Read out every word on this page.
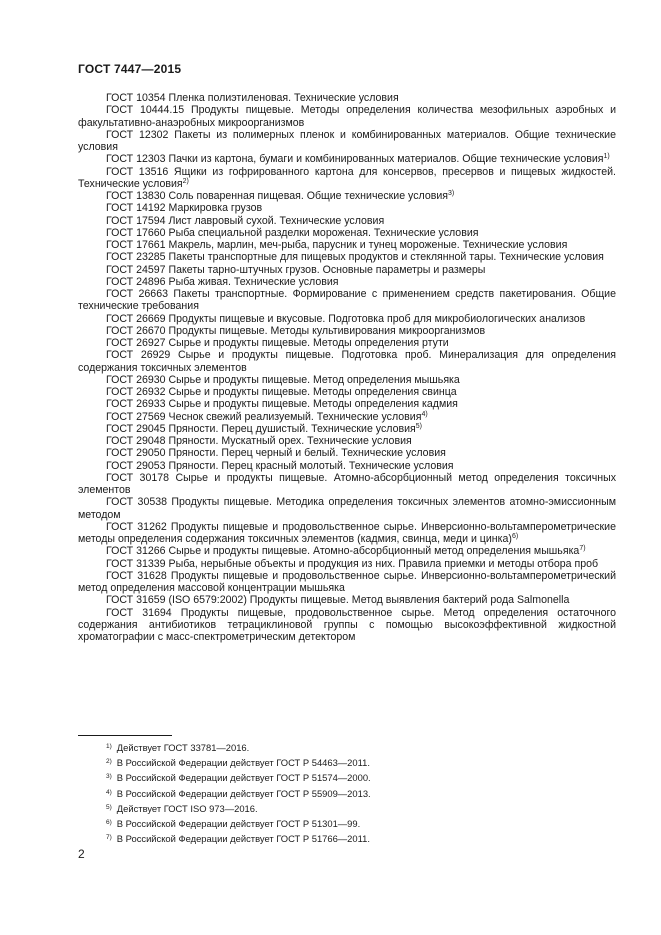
ГОСТ 7447—2015

ГОСТ 10354 Пленка полиэтиленовая. Технические условия

ГОСТ 10444.15 Продукты пищевые. Методы определения количества мезофильных аэробных и факультативно-анаэробных микроорганизмов

ГОСТ 12302 Пакеты из полимерных пленок и комбинированных материалов. Общие технические условия

ГОСТ 12303 Пачки из картона, бумаги и комбинированных материалов. Общие технические условия$^{1)}$

ГОСТ 13516 Ящики из гофрированного картона для консервов, пресервов и пищевых жидкостей. Технические условия$^{2)}$

ГОСТ 13830 Соль поваренная пищевая. Общие технические условия$^{3)}$

ГОСТ 14192 Маркировка грузов

ГОСТ 17594 Лист лавровый сухой. Технические условия

ГОСТ 17660 Рыба специальной разделки мороженая. Технические условия

ГОСТ 17661 Макрель, марлин, меч-рыба, парусник и тунец мороженые. Технические условия

ГОСТ 23285 Пакеты транспортные для пищевых продуктов и стеклянной тары. Технические условия

ГОСТ 24597 Пакеты тарно-штучных грузов. Основные параметры и размеры

ГОСТ 24896 Рыба живая. Технические условия

ГОСТ 26663 Пакеты транспортные. Формирование с применением средств пакетирования. Общие технические требования

ГОСТ 26669 Продукты пищевые и вкусовые. Подготовка проб для микробиологических анализов

ГОСТ 26670 Продукты пищевые. Методы культивирования микроорганизмов

ГОСТ 26927 Сырье и продукты пищевые. Методы определения ртути

ГОСТ 26929 Сырье и продукты пищевые. Подготовка проб. Минерализация для определения содержания токсичных элементов

ГОСТ 26930 Сырье и продукты пищевые. Метод определения мышьяка

ГОСТ 26932 Сырье и продукты пищевые. Методы определения свинца

ГОСТ 26933 Сырье и продукты пищевые. Методы определения кадмия

ГОСТ 27569 Чеснок свежий реализуемый. Технические условия$^{4)}$

ГОСТ 29045 Пряности. Перец душистый. Технические условия$^{5)}$

ГОСТ 29048 Пряности. Мускатный орех. Технические условия

ГОСТ 29050 Пряности. Перец черный и белый. Технические условия

ГОСТ 29053 Пряности. Перец красный молотый. Технические условия

ГОСТ 30178 Сырье и продукты пищевые. Атомно-абсорбционный метод определения токсичных элементов

ГОСТ 30538 Продукты пищевые. Методика определения токсичных элементов атомно-эмиссионным методом

ГОСТ 31262 Продукты пищевые и продовольственное сырье. Инверсионно-вольтамперометрические методы определения содержания токсичных элементов (кадмия, свинца, меди и цинка)$^{6)}$

ГОСТ 31266 Сырье и продукты пищевые. Атомно-абсорбционный метод определения мышьяка$^{7)}$

ГОСТ 31339 Рыба, нерыбные объекты и продукция из них. Правила приемки и методы отбора проб

ГОСТ 31628 Продукты пищевые и продовольственное сырье. Инверсионно-вольтамперометрический метод определения массовой концентрации мышьяка

ГОСТ 31659 (ISO 6579:2002) Продукты пищевые. Метод выявления бактерий рода Salmonella

ГОСТ 31694 Продукты пищевые, продовольственное сырье. Метод определения остаточного содержания антибиотиков тетрациклиновой группы с помощью высокоэффективной жидкостной хроматографии с масс-спектрометрическим детектором

$^{1)}$ Действует ГОСТ 33781—2016.

$^{2)}$ В Российской Федерации действует ГОСТ Р 54463—2011.

$^{3)}$ В Российской Федерации действует ГОСТ Р 51574—2000.

$^{4)}$ В Российской Федерации действует ГОСТ Р 55909—2013.

$^{5)}$ Действует ГОСТ ISO 973—2016.

$^{6)}$ В Российской Федерации действует ГОСТ Р 51301—99.

$^{7)}$ В Российской Федерации действует ГОСТ Р 51766—2011.

2
